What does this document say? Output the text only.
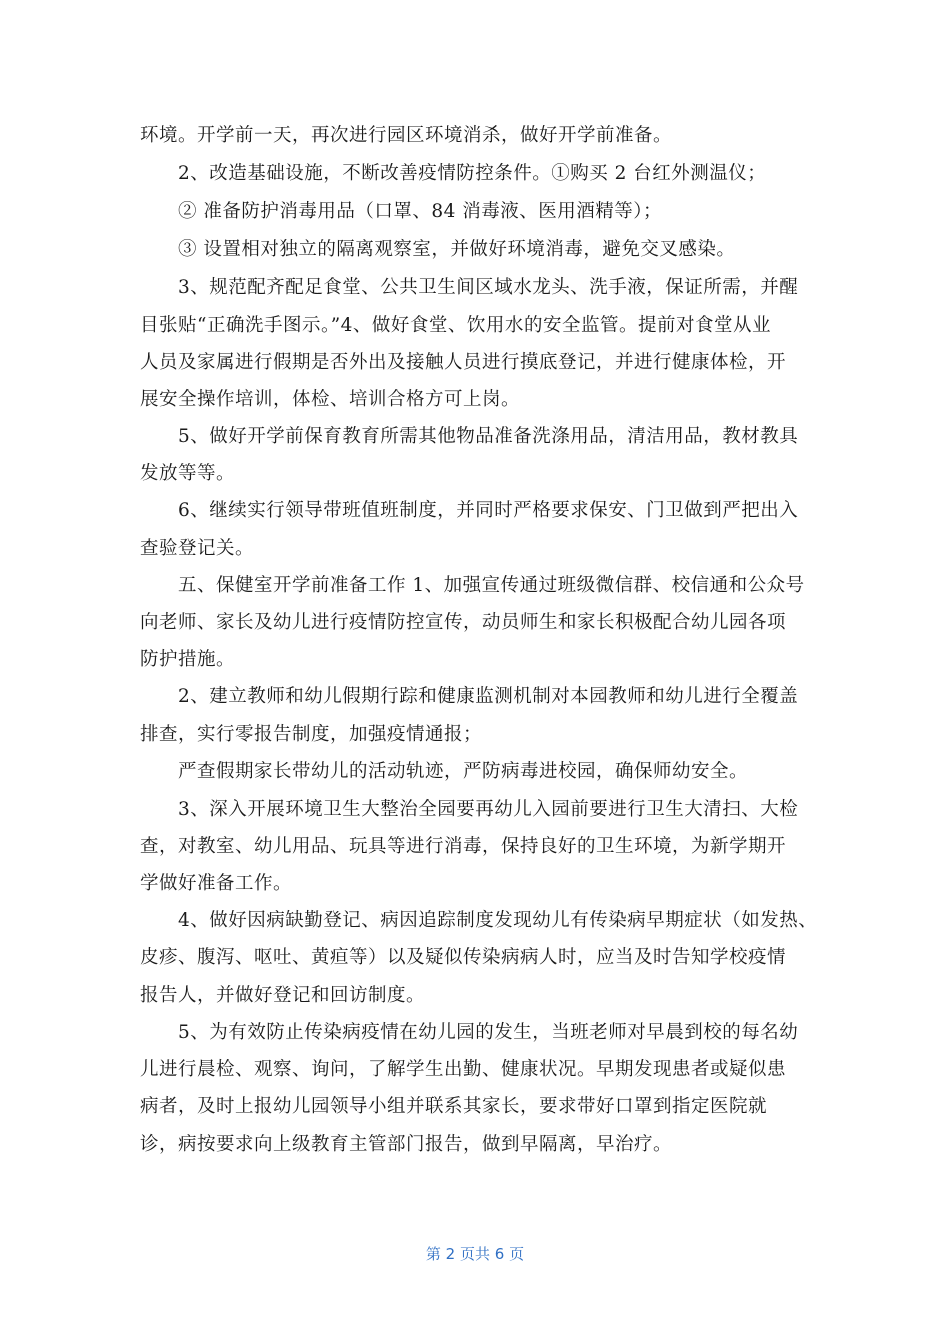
环境。开学前一天，再次进行园区环境消杀，做好开学前准备。
2、改造基础设施，不断改善疫情防控条件。①购买 2 台红外测温仪；
② 准备防护消毒用品（口罩、84 消毒液、医用酒精等）；
③ 设置相对独立的隔离观察室，并做好环境消毒，避免交叉感染。
3、规范配齐配足食堂、公共卫生间区域水龙头、洗手液，保证所需，并醒
目张贴“正确洗手图示。”4、做好食堂、饮用水的安全监管。提前对食堂从业
人员及家属进行假期是否外出及接触人员进行摸底登记，并进行健康体检，开
展安全操作培训，体检、培训合格方可上岗。
5、做好开学前保育教育所需其他物品准备洗涤用品，清洁用品，教材教具
发放等等。
6、继续实行领导带班值班制度，并同时严格要求保安、门卫做到严把出入
查验登记关。
五、保健室开学前准备工作 1、加强宣传通过班级微信群、校信通和公众号
向老师、家长及幼儿进行疫情防控宣传，动员师生和家长积极配合幼儿园各项
防护措施。
2、建立教师和幼儿假期行踪和健康监测机制对本园教师和幼儿进行全覆盖
排查，实行零报告制度，加强疫情通报；
严查假期家长带幼儿的活动轨迹，严防病毒进校园，确保师幼安全。
3、深入开展环境卫生大整治全园要再幼儿入园前要进行卫生大清扫、大检
查，对教室、幼儿用品、玩具等进行消毒，保持良好的卫生环境，为新学期开
学做好准备工作。
4、做好因病缺勤登记、病因追踪制度发现幼儿有传染病早期症状（如发热、
皮疹、腹泻、呕吐、黄疸等）以及疑似传染病病人时，应当及时告知学校疫情
报告人，并做好登记和回访制度。
5、为有效防止传染病疫情在幼儿园的发生，当班老师对早晨到校的每名幼
儿进行晨检、观察、询问，了解学生出勤、健康状况。早期发现患者或疑似患
病者，及时上报幼儿园领导小组并联系其家长，要求带好口罩到指定医院就
诊，病按要求向上级教育主管部门报告，做到早隔离，早治疗。
第 2 页共 6 页
